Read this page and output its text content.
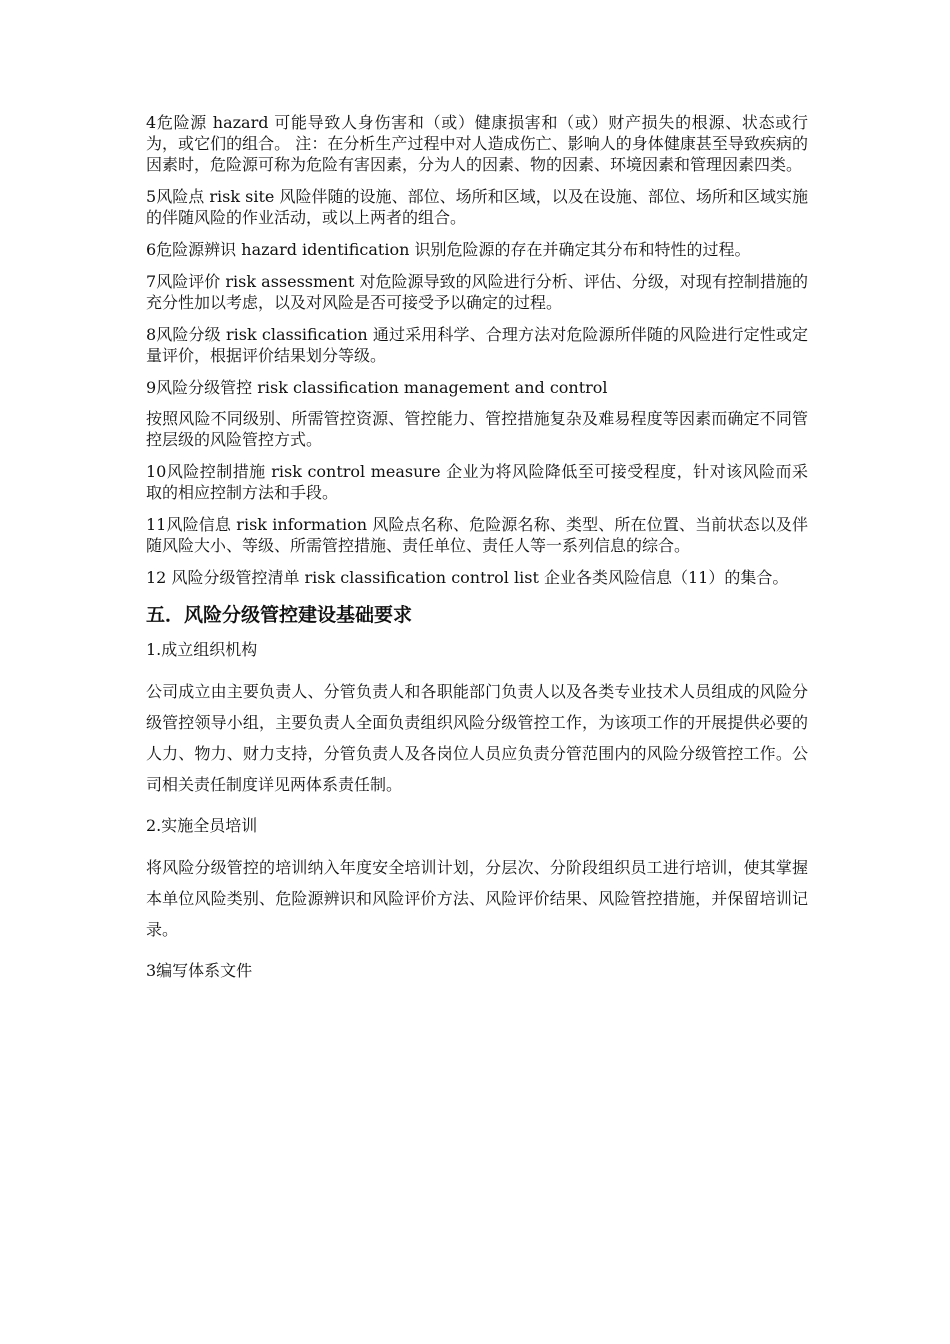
4危险源 hazard 可能导致人身伤害和（或）健康损害和（或）财产损失的根源、状态或行为，或它们的组合。 注：在分析生产过程中对人造成伤亡、影响人的身体健康甚至导致疾病的因素时，危险源可称为危险有害因素，分为人的因素、物的因素、环境因素和管理因素四类。

5风险点 risk site 风险伴随的设施、部位、场所和区域，以及在设施、部位、场所和区域实施的伴随风险的作业活动，或以上两者的组合。

6危险源辨识 hazard identification 识别危险源的存在并确定其分布和特性的过程。

7风险评价 risk assessment 对危险源导致的风险进行分析、评估、分级，对现有控制措施的充分性加以考虑，以及对风险是否可接受予以确定的过程。

8风险分级 risk classification 通过采用科学、合理方法对危险源所伴随的风险进行定性或定量评价，根据评价结果划分等级。

9风险分级管控 risk classification management and control

按照风险不同级别、所需管控资源、管控能力、管控措施复杂及难易程度等因素而确定不同管控层级的风险管控方式。

10风险控制措施 risk control measure 企业为将风险降低至可接受程度，针对该风险而采取的相应控制方法和手段。

11风险信息 risk information 风险点名称、危险源名称、类型、所在位置、当前状态以及伴随风险大小、等级、所需管控措施、责任单位、责任人等一系列信息的综合。

12 风险分级管控清单 risk classification control list 企业各类风险信息（11）的集合。

五．风险分级管控建设基础要求
1.成立组织机构

公司成立由主要负责人、分管负责人和各职能部门负责人以及各类专业技术人员组成的风险分级管控领导小组，主要负责人全面负责组织风险分级管控工作，为该项工作的开展提供必要的人力、物力、财力支持，分管负责人及各岗位人员应负责分管范围内的风险分级管控工作。公司相关责任制度详见两体系责任制。

2.实施全员培训

将风险分级管控的培训纳入年度安全培训计划，分层次、分阶段组织员工进行培训，使其掌握本单位风险类别、危险源辨识和风险评价方法、风险评价结果、风险管控措施，并保留培训记录。

3编写体系文件
